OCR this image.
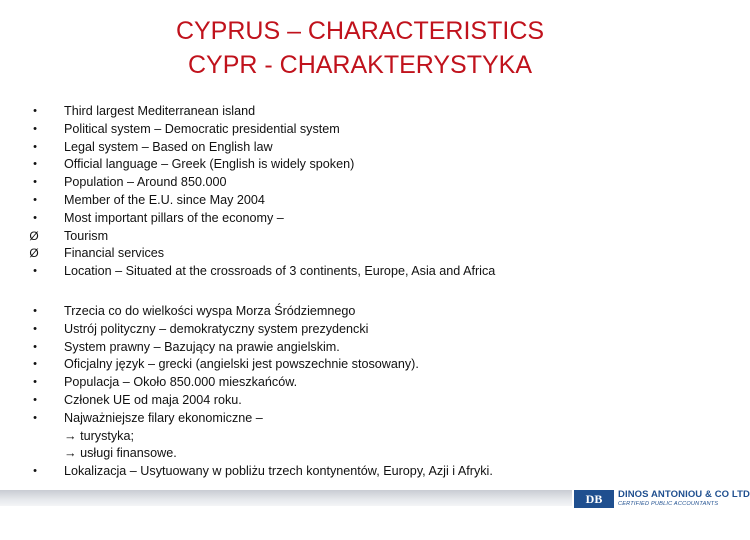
CYPRUS – CHARACTERISTICS
CYPR - CHARAKTERYSTYKA
•	Third largest Mediterranean island
•	Political system – Democratic presidential system
•	Legal system – Based on English law
•	Official language – Greek (English is widely spoken)
•	Population – Around 850.000
•	Member of the E.U. since May 2004
•	Most important pillars of the economy –
Ø Tourism
Ø Financial services
•	Location – Situated at the crossroads of 3 continents, Europe, Asia and Africa
•	Trzecia co do wielkości wyspa Morza Śródziemnego
•	Ustrój polityczny – demokratyczny system prezydencki
•	System prawny – Bazujący na prawie angielskim.
•	Oficjalny język – grecki (angielski jest powszechnie stosowany).
•	Populacja – Około 850.000 mieszkańców.
•	Członek UE od maja 2004 roku.
•	Najważniejsze filary ekonomiczne –
→ turystyka;
→ usługi finansowe.
•	Lokalizacja – Usytuowany w pobliżu trzech kontynentów, Europy, Azji i Afryki.
DB	DINOS ANTONIOU & CO LTD
CERTIFIED PUBLIC ACCOUNTANTS
